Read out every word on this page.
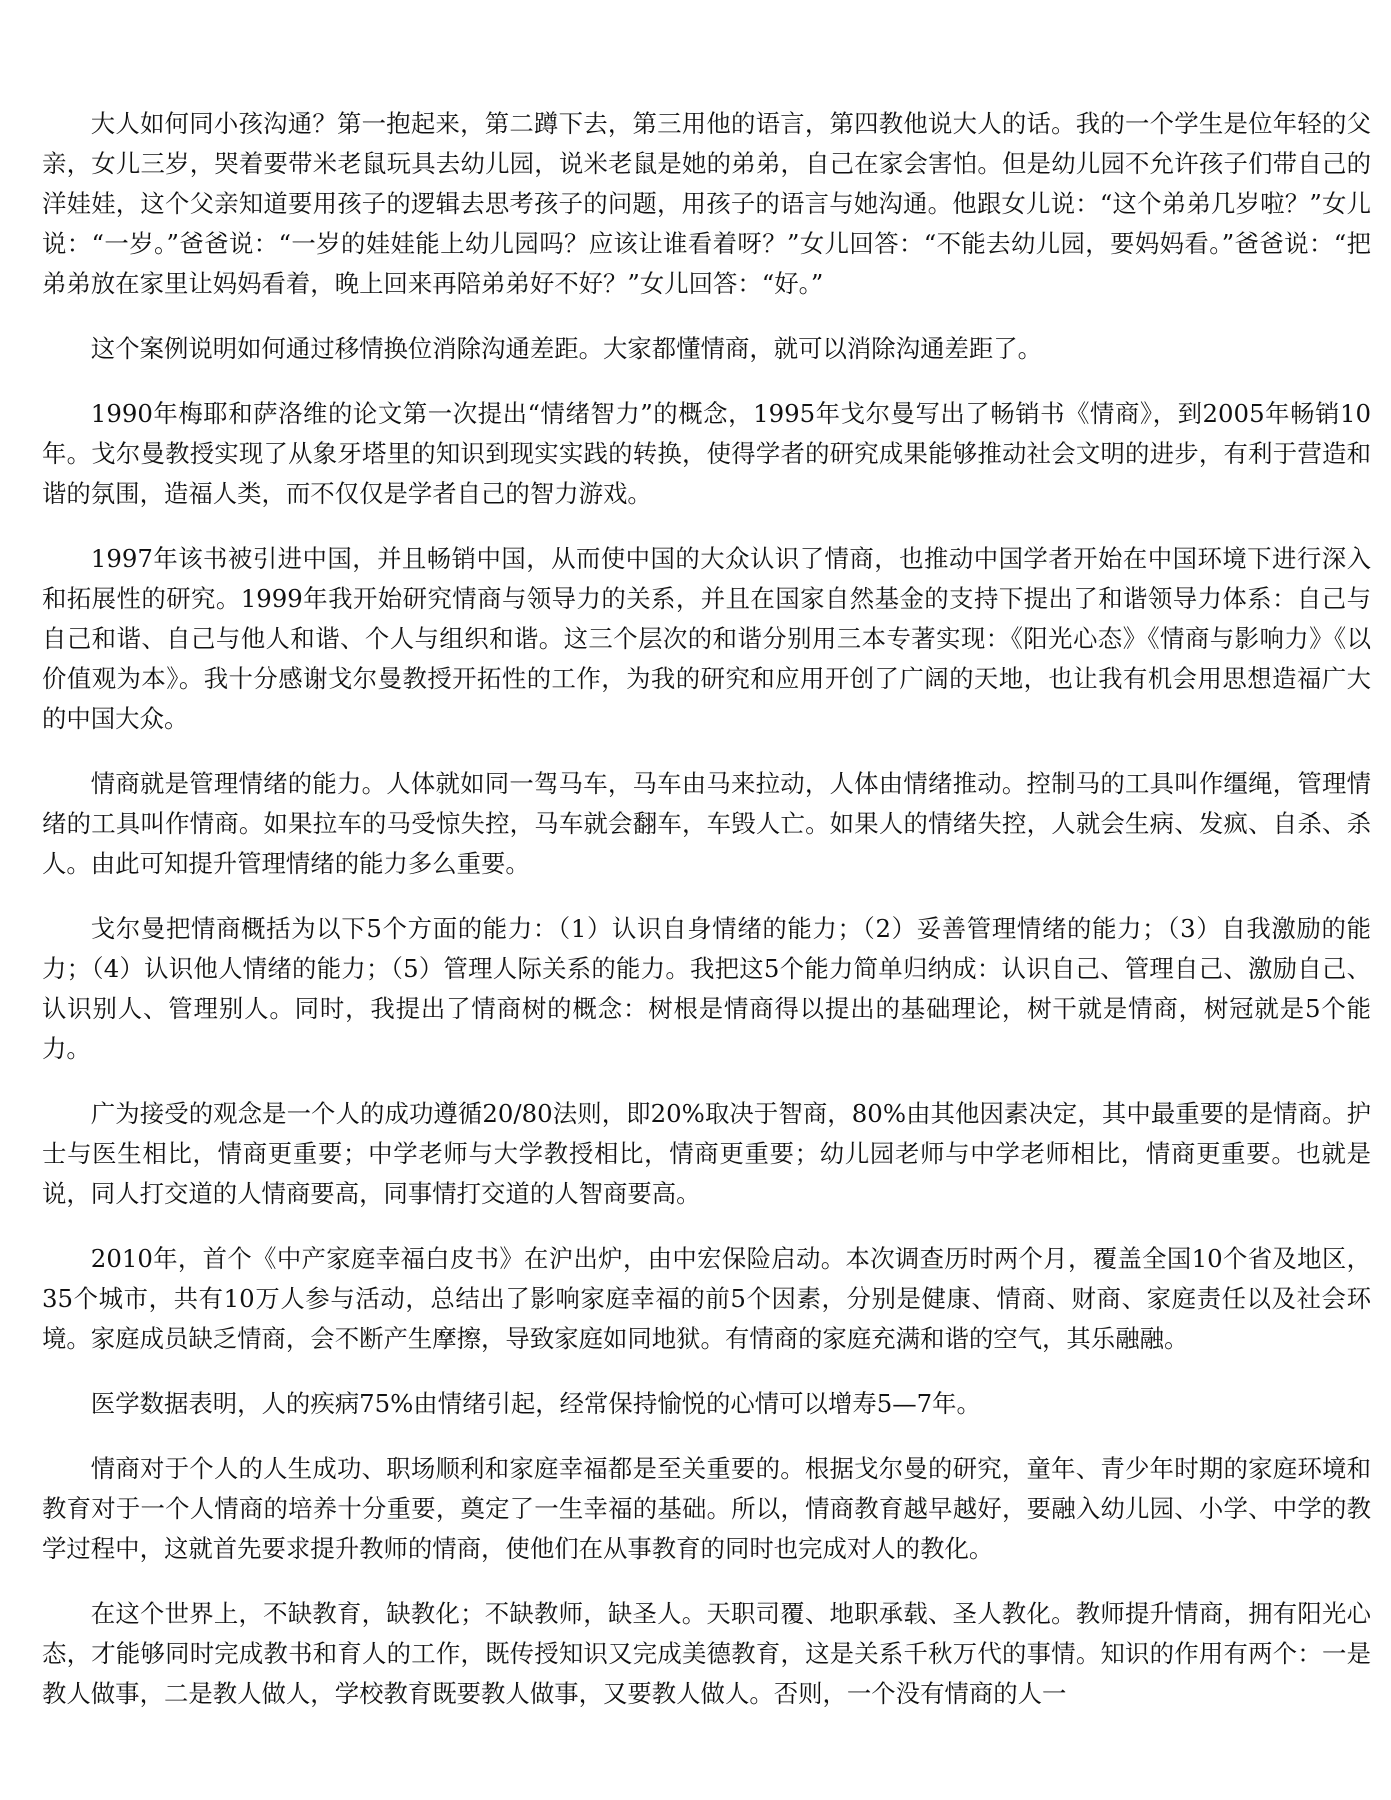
大人如何同小孩沟通？第一抱起来，第二蹲下去，第三用他的语言，第四教他说大人的话。我的一个学生是位年轻的父亲，女儿三岁，哭着要带米老鼠玩具去幼儿园，说米老鼠是她的弟弟，自己在家会害怕。但是幼儿园不允许孩子们带自己的洋娃娃，这个父亲知道要用孩子的逻辑去思考孩子的问题，用孩子的语言与她沟通。他跟女儿说：“这个弟弟几岁啦？”女儿说：“一岁。”爸爸说：“一岁的娃娃能上幼儿园吗？应该让谁看着呀？”女儿回答：“不能去幼儿园，要妈妈看。”爸爸说：“把弟弟放在家里让妈妈看着，晚上回来再陪弟弟好不好？”女儿回答：“好。”

这个案例说明如何通过移情换位消除沟通差距。大家都懂情商，就可以消除沟通差距了。

1990年梅耶和萨洛维的论文第一次提出“情绪智力”的概念，1995年戈尔曼写出了畅销书《情商》，到2005年畅销10年。戈尔曼教授实现了从象牙塔里的知识到现实实践的转换，使得学者的研究成果能够推动社会文明的进步，有利于营造和谐的氛围，造福人类，而不仅仅是学者自己的智力游戏。

1997年该书被引进中国，并且畅销中国，从而使中国的大众认识了情商，也推动中国学者开始在中国环境下进行深入和拓展性的研究。1999年我开始研究情商与领导力的关系，并且在国家自然基金的支持下提出了和谐领导力体系：自己与自己和谐、自己与他人和谐、个人与组织和谐。这三个层次的和谐分别用三本专著实现：《阳光心态》《情商与影响力》《以价值观为本》。我十分感谢戈尔曼教授开拓性的工作，为我的研究和应用开创了广阔的天地，也让我有机会用思想造福广大的中国大众。

情商就是管理情绪的能力。人体就如同一驾马车，马车由马来拉动，人体由情绪推动。控制马的工具叫作缰绳，管理情绪的工具叫作情商。如果拉车的马受惊失控，马车就会翻车，车毁人亡。如果人的情绪失控，人就会生病、发疯、自杀、杀人。由此可知提升管理情绪的能力多么重要。

戈尔曼把情商概括为以下5个方面的能力：（1）认识自身情绪的能力；（2）妥善管理情绪的能力；（3）自我激励的能力；（4）认识他人情绪的能力；（5）管理人际关系的能力。我把这5个能力简单归纳成：认识自己、管理自己、激励自己、认识别人、管理别人。同时，我提出了情商树的概念：树根是情商得以提出的基础理论，树干就是情商，树冠就是5个能力。

广为接受的观念是一个人的成功遵循20/80法则，即20%取决于智商，80%由其他因素决定，其中最重要的是情商。护士与医生相比，情商更重要；中学老师与大学教授相比，情商更重要；幼儿园老师与中学老师相比，情商更重要。也就是说，同人打交道的人情商要高，同事情打交道的人智商要高。

2010年，首个《中产家庭幸福白皮书》在沪出炉，由中宏保险启动。本次调查历时两个月，覆盖全国10个省及地区，35个城市，共有10万人参与活动，总结出了影响家庭幸福的前5个因素，分别是健康、情商、财商、家庭责任以及社会环境。家庭成员缺乏情商，会不断产生摩擦，导致家庭如同地狱。有情商的家庭充满和谐的空气，其乐融融。

医学数据表明，人的疾病75%由情绪引起，经常保持愉悦的心情可以增寿5—7年。

情商对于个人的人生成功、职场顺利和家庭幸福都是至关重要的。根据戈尔曼的研究，童年、青少年时期的家庭环境和教育对于一个人情商的培养十分重要，奠定了一生幸福的基础。所以，情商教育越早越好，要融入幼儿园、小学、中学的教学过程中，这就首先要求提升教师的情商，使他们在从事教育的同时也完成对人的教化。

在这个世界上，不缺教育，缺教化；不缺教师，缺圣人。天职司覆、地职承载、圣人教化。教师提升情商，拥有阳光心态，才能够同时完成教书和育人的工作，既传授知识又完成美德教育，这是关系千秋万代的事情。知识的作用有两个：一是教人做事，二是教人做人，学校教育既要教人做事，又要教人做人。否则，一个没有情商的人一
